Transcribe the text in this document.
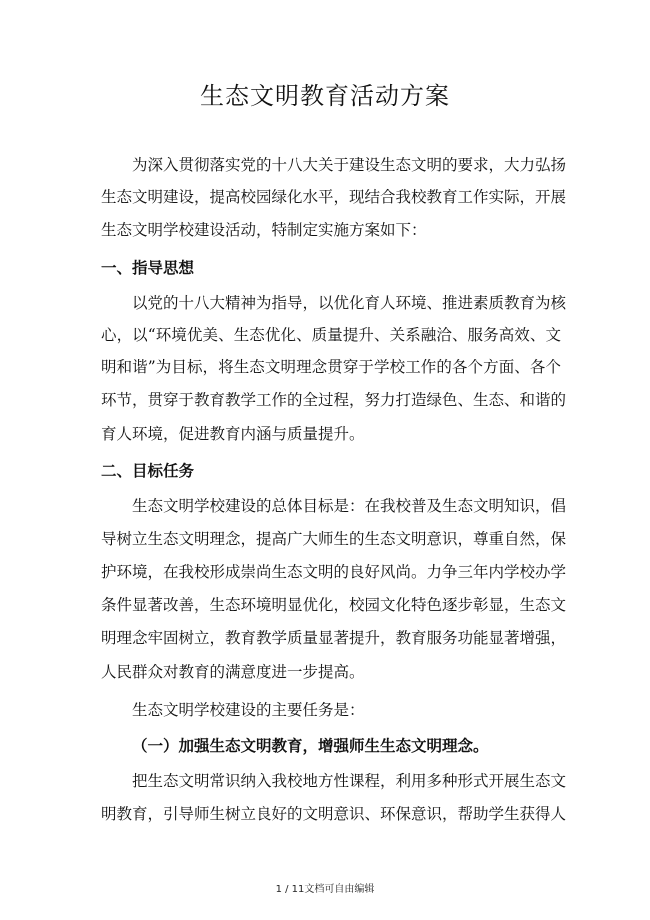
生态文明教育活动方案
为深入贯彻落实党的十八大关于建设生态文明的要求，大力弘扬
生态文明建设，提高校园绿化水平，现结合我校教育工作实际，开展
生态文明学校建设活动，特制定实施方案如下：
一、指导思想
以党的十八大精神为指导，以优化育人环境、推进素质教育为核
心，以“环境优美、生态优化、质量提升、关系融洽、服务高效、文
明和谐”为目标，将生态文明理念贯穿于学校工作的各个方面、各个
环节，贯穿于教育教学工作的全过程，努力打造绿色、生态、和谐的
育人环境，促进教育内涵与质量提升。
二、目标任务
生态文明学校建设的总体目标是：在我校普及生态文明知识，倡
导树立生态文明理念，提高广大师生的生态文明意识，尊重自然，保
护环境，在我校形成崇尚生态文明的良好风尚。力争三年内学校办学
条件显著改善，生态环境明显优化，校园文化特色逐步彰显，生态文
明理念牢固树立，教育教学质量显著提升，教育服务功能显著增强，
人民群众对教育的满意度进一步提高。
生态文明学校建设的主要任务是：
（一）加强生态文明教育，增强师生生态文明理念。
把生态文明常识纳入我校地方性课程，利用多种形式开展生态文
明教育，引导师生树立良好的文明意识、环保意识，帮助学生获得人
1 / 11文档可自由编辑
